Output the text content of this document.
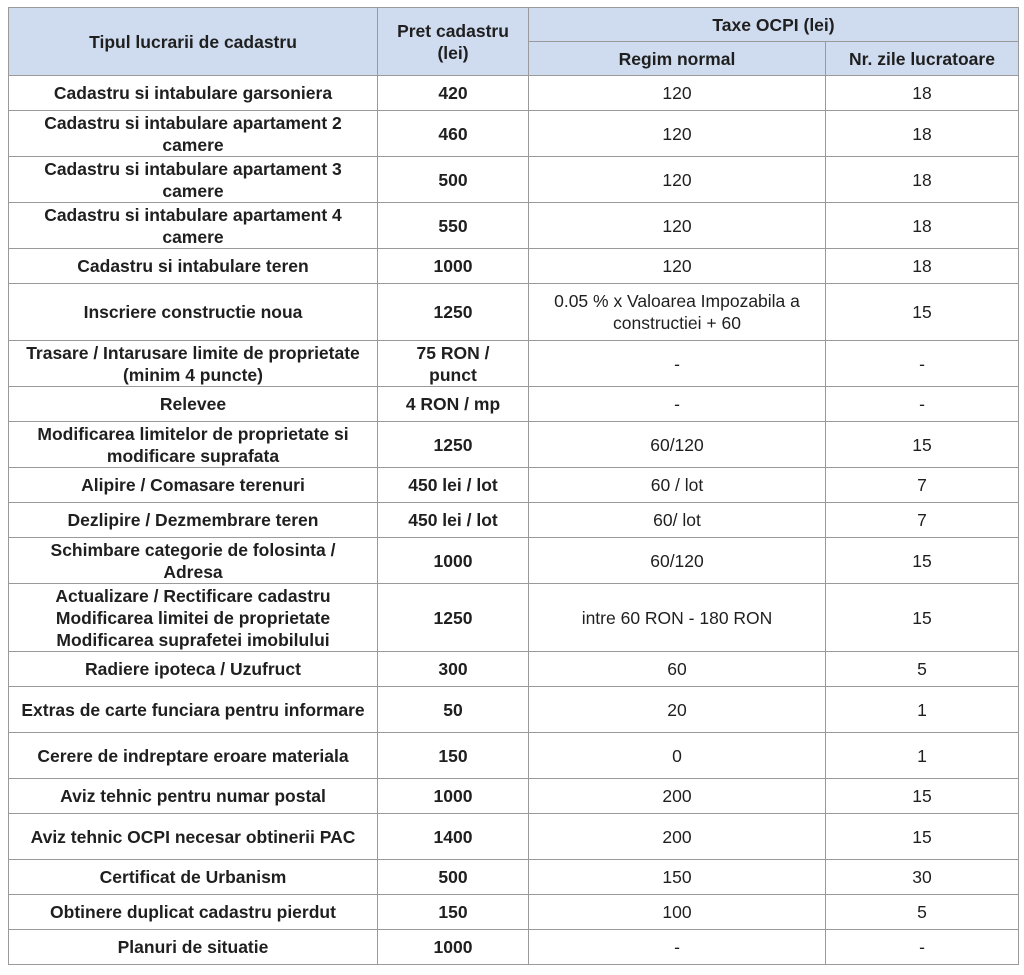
Tipul lucrarii de cadastru	Pret cadastru (lei)	Taxe OCPI (lei)	
		Regim normal	Nr. zile lucratoare
Cadastru si intabulare garsoniera	420	120	18
Cadastru si intabulare apartament 2 camere	460	120	18
Cadastru si intabulare apartament 3 camere	500	120	18
Cadastru si intabulare apartament 4 camere	550	120	18
Cadastru si intabulare teren	1000	120	18
Inscriere constructie noua	1250	0.05 % x Valoarea Impozabila a constructiei + 60	15
Trasare / Intarusare limite de proprietate (minim 4 puncte)	75 RON / punct	-	-
Relevee	4 RON / mp	-	-
Modificarea limitelor de proprietate si modificare suprafata	1250	60/120	15
Alipire / Comasare terenuri	450 lei / lot	60 / lot	7
Dezlipire / Dezmembrare teren	450 lei / lot	60/ lot	7
Schimbare categorie de folosinta / Adresa	1000	60/120	15
Actualizare / Rectificare cadastru Modificarea limitei de proprietate Modificarea suprafetei imobilului	1250	intre 60 RON - 180 RON	15
Radiere ipoteca / Uzufruct	300	60	5
Extras de carte funciara pentru informare	50	20	1
Cerere de indreptare eroare materiala	150	0	1
Aviz tehnic pentru numar postal	1000	200	15
Aviz tehnic OCPI necesar obtinerii PAC	1400	200	15
Certificat de Urbanism	500	150	30
Obtinere duplicat cadastru pierdut	150	100	5
Planuri de situatie	1000	-	-
